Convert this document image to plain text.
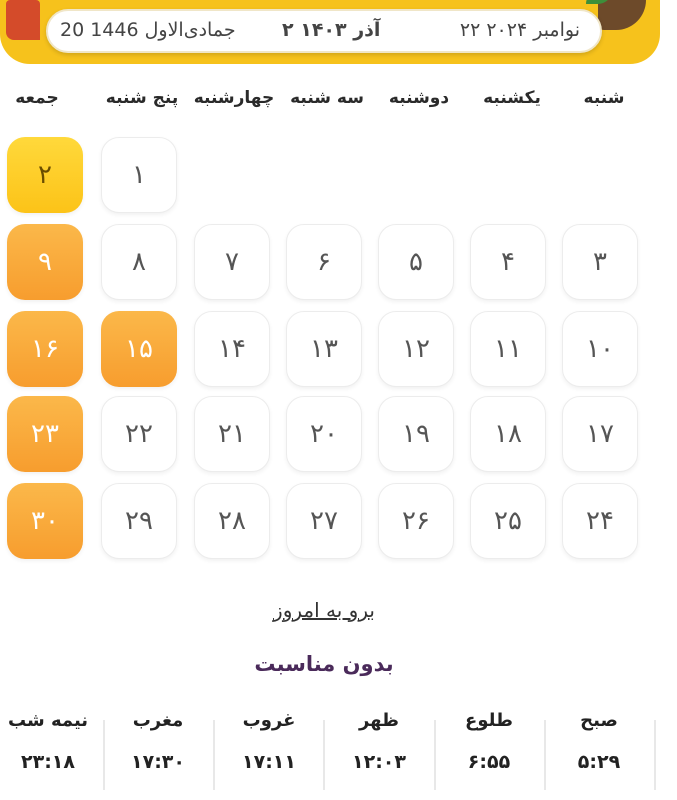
20 جمادی‌الاول 1446 ۲ آذر ۱۴۰۳	۲۲ نوامبر ۲۰۲۴
شنبه
یکشنبه
دوشنبه
سه شنبه
چهارشنبه
پنج شنبه
جمعه
۱
۲
۳
۴
۵
۶
۷
۸
۹
۱۰
۱۱
۱۲
۱۳
۱۴
۱۵
۱۶
۱۷
۱۸
۱۹
۲۰
۲۱
۲۲
۲۳
۲۴
۲۵
۲۶
۲۷
۲۸
۲۹
۳۰
برو به امروز
بدون مناسبت
صبح
۵:۲۹
طلوع
۶:۵۵
ظهر
۱۲:۰۳
غروب
۱۷:۱۱
مغرب
۱۷:۳۰
نیمه شب
۲۳:۱۸
